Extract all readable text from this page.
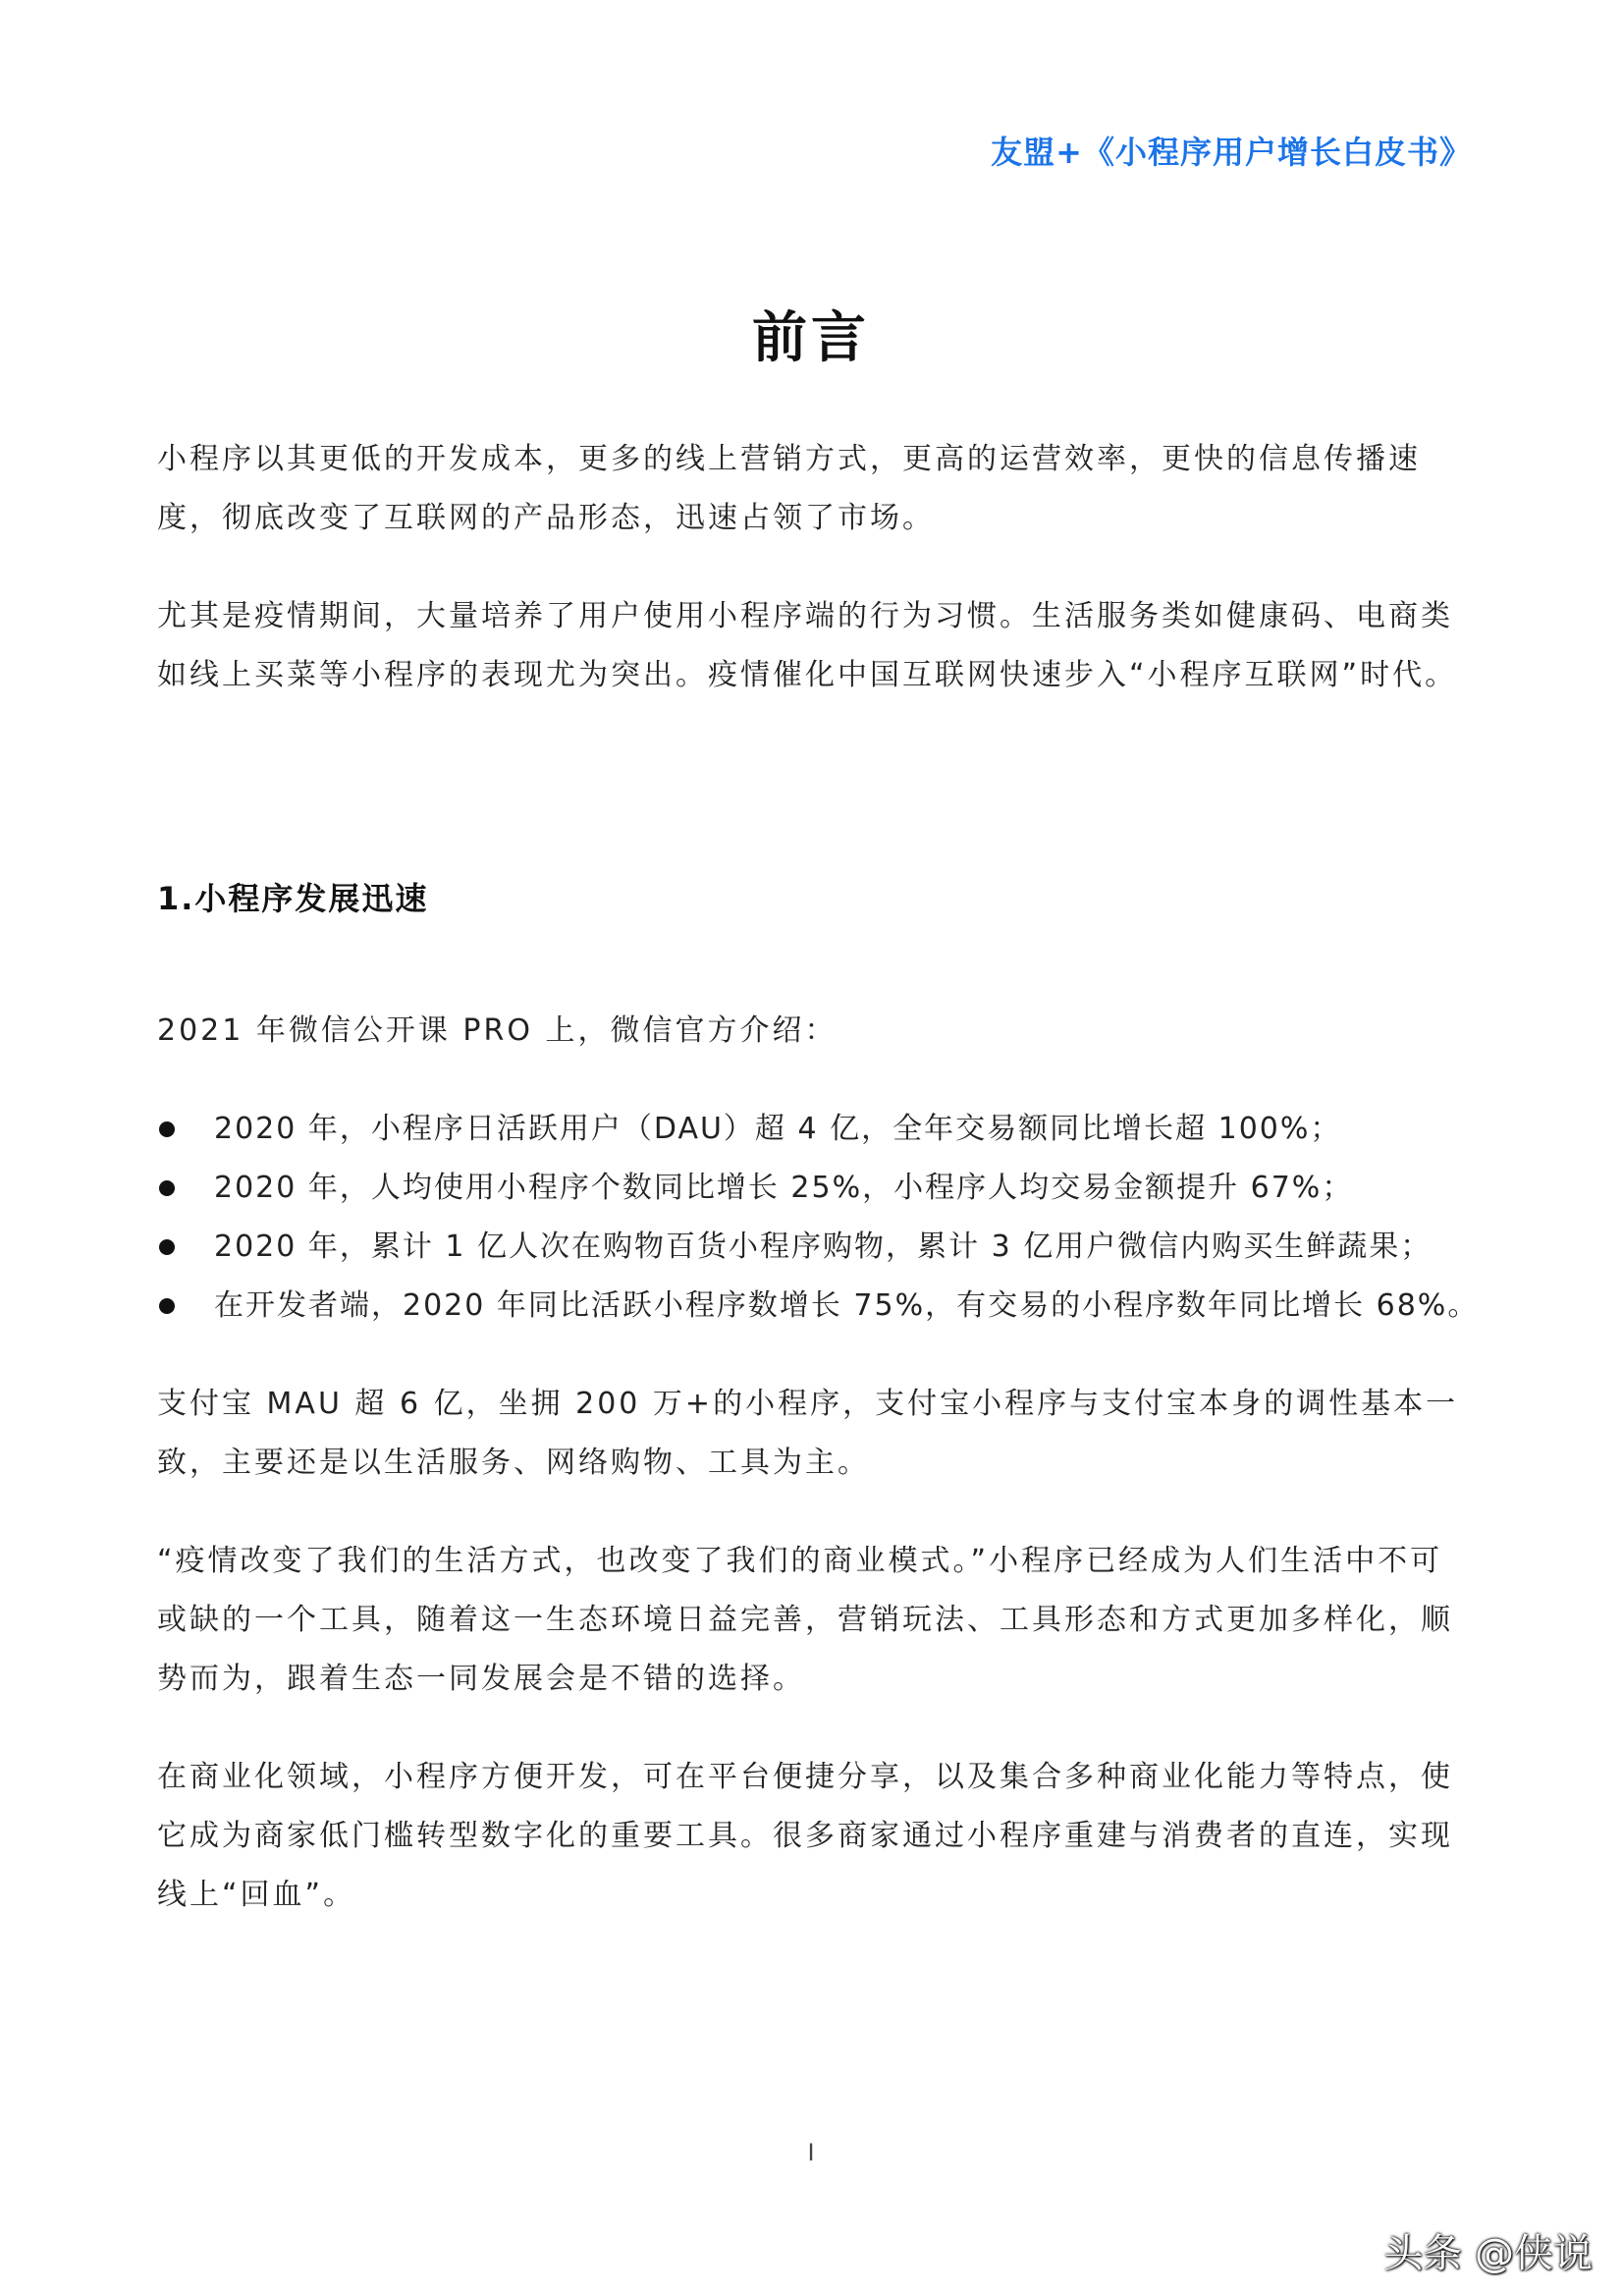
友盟+《小程序用户增长白皮书》
前言

小程序以其更低的开发成本，更多的线上营销方式，更高的运营效率，更快的信息传播速度，彻底改变了互联网的产品形态，迅速占领了市场。

尤其是疫情期间，大量培养了用户使用小程序端的行为习惯。生活服务类如健康码、电商类如线上买菜等小程序的表现尤为突出。疫情催化中国互联网快速步入“小程序互联网”时代。

1.小程序发展迅速

2021 年微信公开课 PRO 上，微信官方介绍：

2020 年，小程序日活跃用户（DAU）超 4 亿，全年交易额同比增长超 100%；
2020 年，人均使用小程序个数同比增长 25%，小程序人均交易金额提升 67%；
2020 年，累计 1 亿人次在购物百货小程序购物，累计 3 亿用户微信内购买生鲜蔬果；
在开发者端，2020 年同比活跃小程序数增长 75%，有交易的小程序数年同比增长 68%。

支付宝 MAU 超 6 亿，坐拥 200 万+的小程序，支付宝小程序与支付宝本身的调性基本一致，主要还是以生活服务、网络购物、工具为主。

“疫情改变了我们的生活方式，也改变了我们的商业模式。”小程序已经成为人们生活中不可或缺的一个工具，随着这一生态环境日益完善，营销玩法、工具形态和方式更加多样化，顺势而为，跟着生态一同发展会是不错的选择。

在商业化领域，小程序方便开发，可在平台便捷分享，以及集合多种商业化能力等特点，使它成为商家低门槛转型数字化的重要工具。很多商家通过小程序重建与消费者的直连，实现线上“回血”。

I
头条 @侠说
